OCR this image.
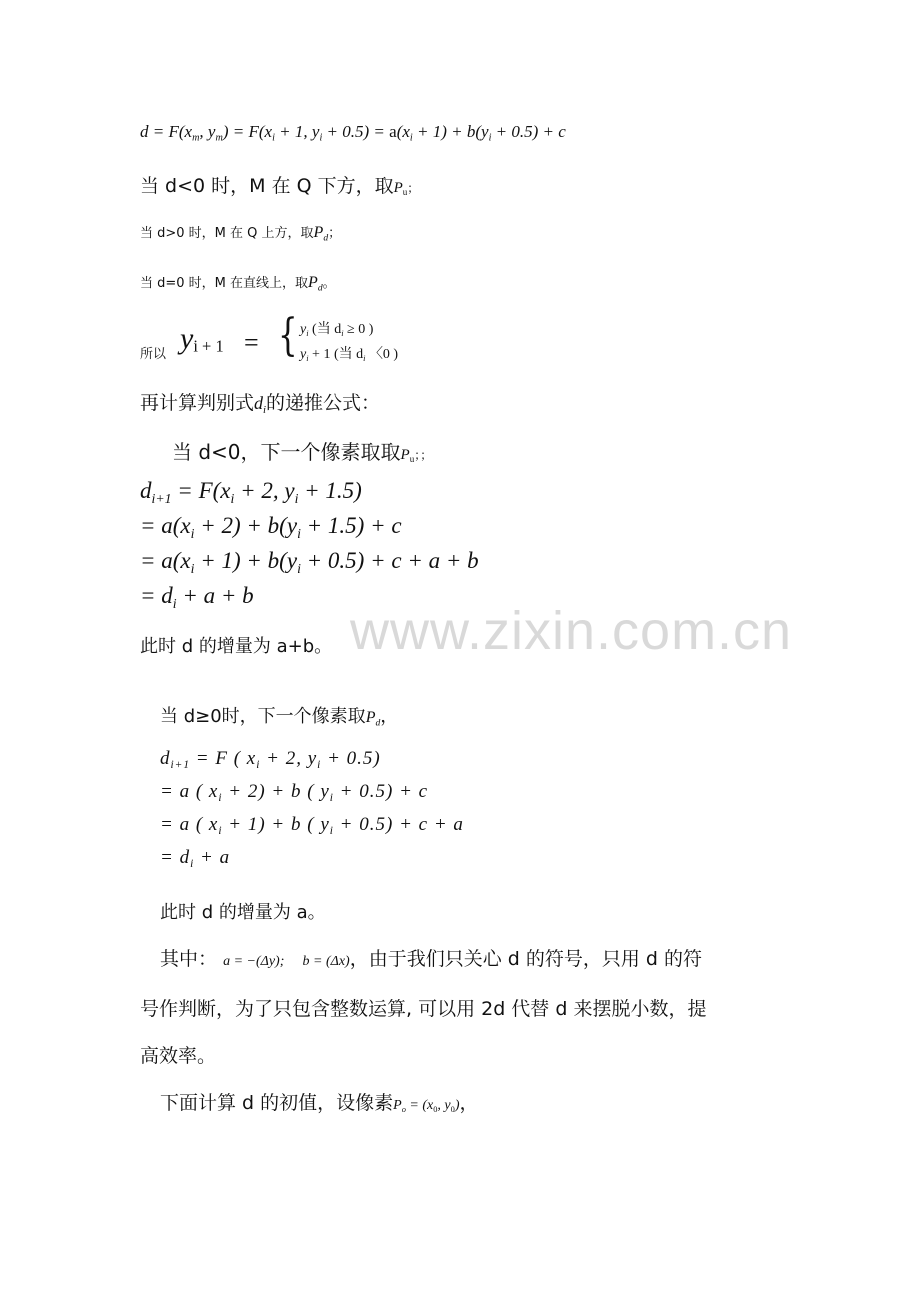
$d = F(x_m$, $y_m) = F(x_i + 1$, $y_i + 0.5) = a(x_i + 1) + b(y_i + 0.5) + c$
当 d<0 时，M 在 Q 下方，取$P_u$；
当 d>0 时，M 在 Q 上方，取$P_d$；
当 d=0 时，M 在直线上，取$P_d$。
所以 $y_{i + 1}$ = { $y_i$ (当 $d_i \ge 0$ )
$y_i + 1$ (当 $d_i$ 〈0 )
再计算判别式$d_i$的递推公式：
当 d<0，下一个像素取取$P_u$；；
$d_{i+1} = F(x_i + 2$, $y_i + 1.5$)
= $a(x_i + 2) + b(y_i + 1.5) + c$
= $a(x_i + 1) + b(y_i + 0.5) + c + a + b$
= $d_i + a + b$
此时 d 的增量为 a+b。 www.zixin.com.cn
当 d≥0时，下一个像素取$P_d$，
$d_{i+1} = F$ ( $x_i + 2$, $y_i + 0.5$)
= a ( $x_i + 2) + b$ ( $y_i + 0.5) + c$
= a ( $x_i + 1) + b$ ( $y_i + 0.5) + c + a$
= $d_i + a$
此时 d 的增量为 a。
其中： a = −(Δy); b = (Δx)，由于我们只关心 d 的符号，只用 d 的符
号作判断，为了只包含整数运算, 可以用 2d 代替 d 来摆脱小数，提
高效率。
下面计算 d 的初值，设像素$P_o = (x_0$, $y_0$)，
